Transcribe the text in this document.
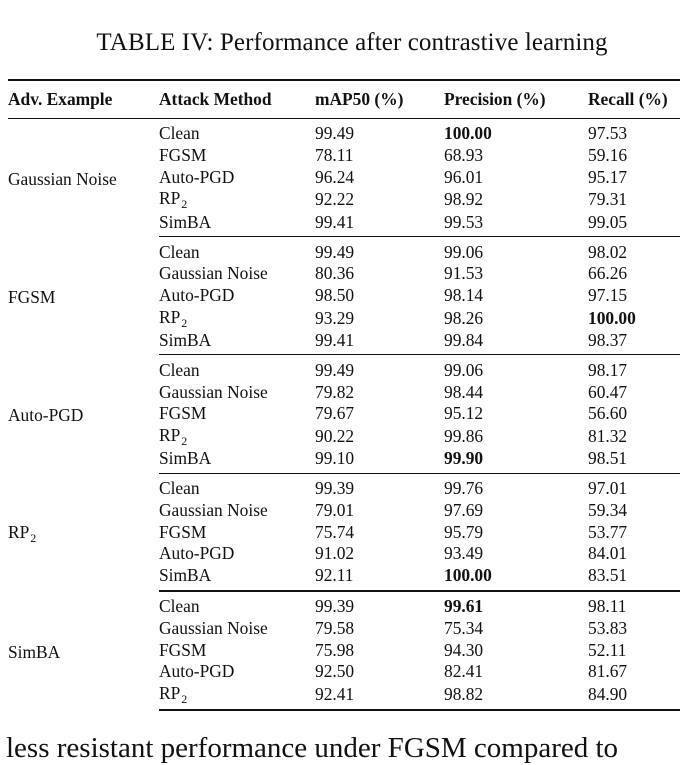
TABLE IV: Performance after contrastive learning
Adv. Example	Attack Method	mAP50 (%)	Precision (%)	Recall (%)
Gaussian Noise	Clean	99.49	100.00	97.53
	FGSM	78.11	68.93	59.16
	Auto-PGD	96.24	96.01	95.17
	$RP_2$	92.22	98.92	79.31
	SimBA	99.41	99.53	99.05
FGSM	Clean	99.49	99.06	98.02
	Gaussian Noise	80.36	91.53	66.26
	Auto-PGD	98.50	98.14	97.15
	$RP_2$	93.29	98.26	100.00
	SimBA	99.41	99.84	98.37
Auto-PGD	Clean	99.49	99.06	98.17
	Gaussian Noise	79.82	98.44	60.47
	FGSM	79.67	95.12	56.60
	$RP_2$	90.22	99.86	81.32
	SimBA	99.10	99.90	98.51
$RP_2$	Clean	99.39	99.76	97.01
	Gaussian Noise	79.01	97.69	59.34
	FGSM	75.74	95.79	53.77
	Auto-PGD	91.02	93.49	84.01
	SimBA	92.11	100.00	83.51
SimBA	Clean	99.39	99.61	98.11
	Gaussian Noise	79.58	75.34	53.83
	FGSM	75.98	94.30	52.11
	Auto-PGD	92.50	82.41	81.67
	$RP_2$	92.41	98.82	84.90
less resistant performance under FGSM compared to
